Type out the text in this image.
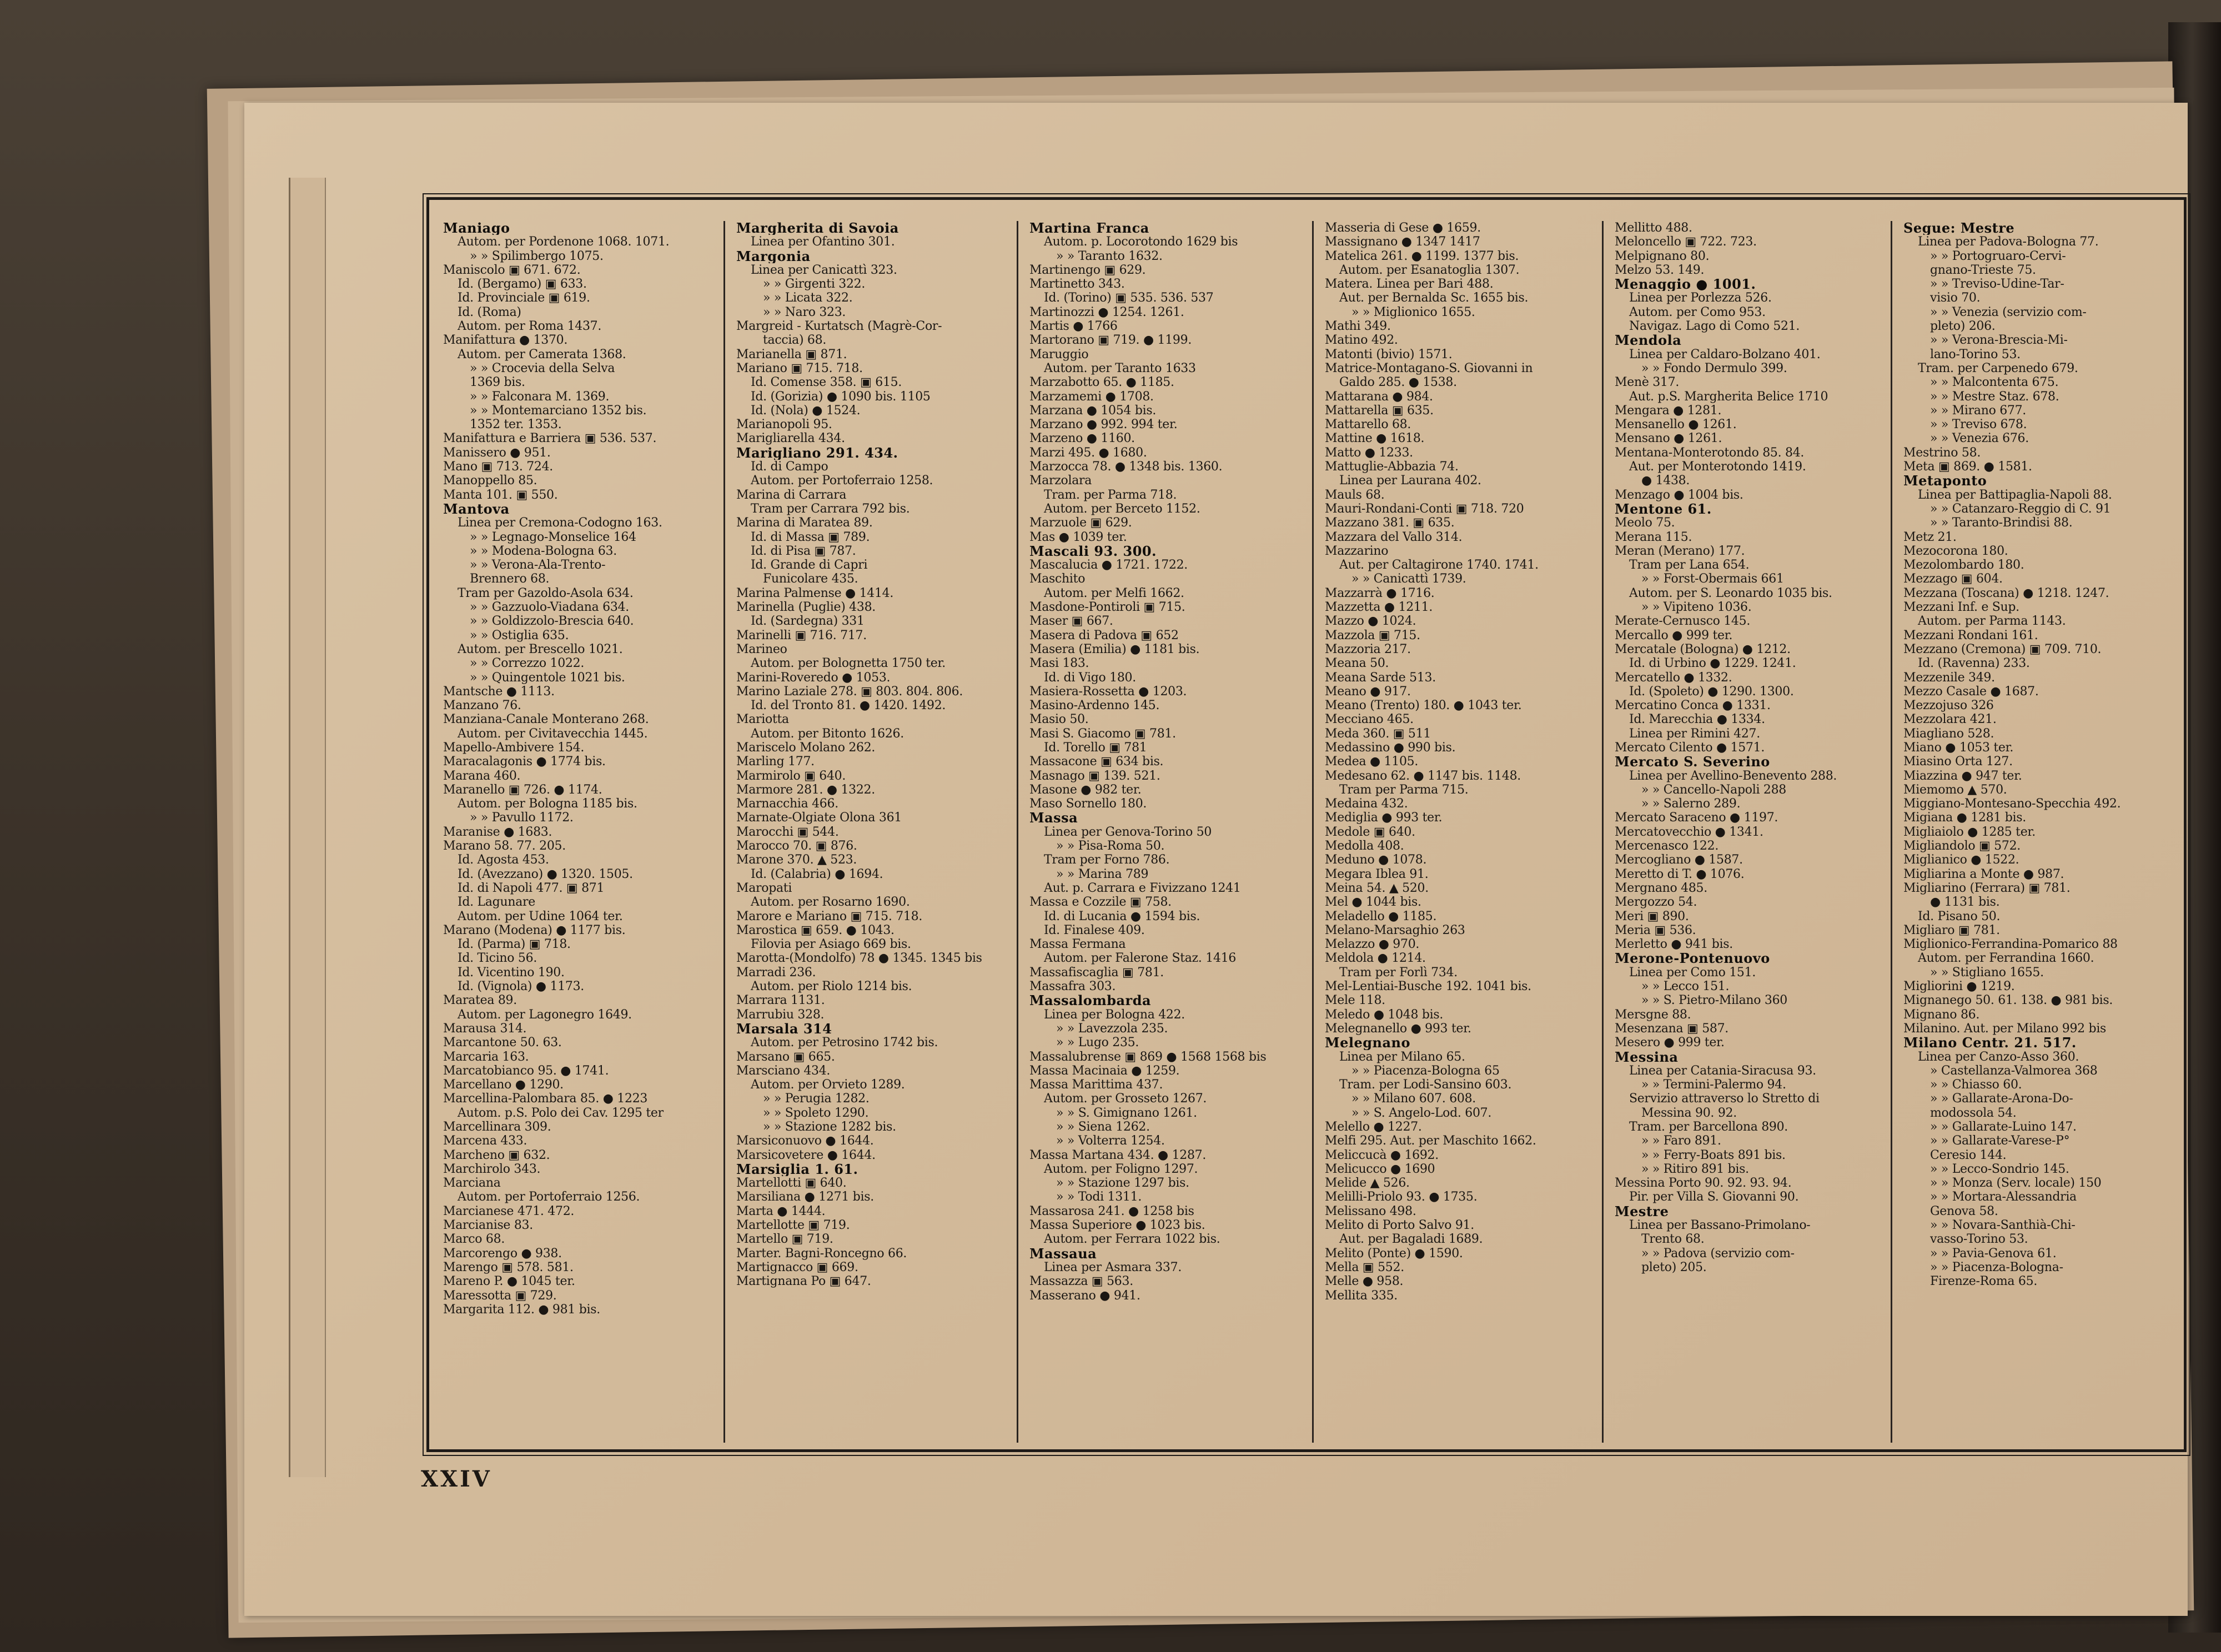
Maniago
Autom. per Pordenone 1068. 1071.
» » Spilimbergo 1075.
Maniscolo ▣ 671. 672.
Id. (Bergamo) ▣ 633.
Id. Provinciale ▣ 619.
Id. (Roma)
Autom. per Roma 1437.
Manifattura ● 1370.
Autom. per Camerata 1368.
» » Crocevia della Selva
1369 bis.
» » Falconara M. 1369.
» » Montemarciano 1352 bis.
1352 ter. 1353.
Manifattura e Barriera ▣ 536. 537.
Manissero ● 951.
Mano ▣ 713. 724.
Manoppello 85.
Manta 101. ▣ 550.
Mantova
Linea per Cremona-Codogno 163.
» » Legnago-Monselice 164
» » Modena-Bologna 63.
» » Verona-Ala-Trento-
Brennero 68.
Tram per Gazoldo-Asola 634.
» » Gazzuolo-Viadana 634.
» » Goldizzolo-Brescia 640.
» » Ostiglia 635.
Autom. per Brescello 1021.
» » Correzzo 1022.
» » Quingentole 1021 bis.
Mantsche ● 1113.
Manzano 76.
Manziana-Canale Monterano 268.
Autom. per Civitavecchia 1445.
Mapello-Ambivere 154.
Maracalagonis ● 1774 bis.
Marana 460.
Maranello ▣ 726. ● 1174.
Autom. per Bologna 1185 bis.
» » Pavullo 1172.
Maranise ● 1683.
Marano 58. 77. 205.
Id. Agosta 453.
Id. (Avezzano) ● 1320. 1505.
Id. di Napoli 477. ▣ 871
Id. Lagunare
Autom. per Udine 1064 ter.
Marano (Modena) ● 1177 bis.
Id. (Parma) ▣ 718.
Id. Ticino 56.
Id. Vicentino 190.
Id. (Vignola) ● 1173.
Maratea 89.
Autom. per Lagonegro 1649.
Marausa 314.
Marcantone 50. 63.
Marcaria 163.
Marcatobianco 95. ● 1741.
Marcellano ● 1290.
Marcellina-Palombara 85. ● 1223
Autom. p.S. Polo dei Cav. 1295 ter
Marcellinara 309.
Marcena 433.
Marcheno ▣ 632.
Marchirolo 343.
Marciana
Autom. per Portoferraio 1256.
Marcianese 471. 472.
Marcianise 83.
Marco 68.
Marcorengo ● 938.
Marengo ▣ 578. 581.
Mareno P. ● 1045 ter.
Maressotta ▣ 729.
Margarita 112. ● 981 bis.
Margherita di Savoia
Linea per Ofantino 301.
Margonia
Linea per Canicattì 323.
» » Girgenti 322.
» » Licata 322.
» » Naro 323.
Margreid - Kurtatsch (Magrè-Cor-
taccia) 68.
Marianella ▣ 871.
Mariano ▣ 715. 718.
Id. Comense 358. ▣ 615.
Id. (Gorizia) ● 1090 bis. 1105
Id. (Nola) ● 1524.
Marianopoli 95.
Marigliarella 434.
Marigliano 291. 434.
Id. di Campo
Autom. per Portoferraio 1258.
Marina di Carrara
Tram per Carrara 792 bis.
Marina di Maratea 89.
Id. di Massa ▣ 789.
Id. di Pisa ▣ 787.
Id. Grande di Capri
Funicolare 435.
Marina Palmense ● 1414.
Marinella (Puglie) 438.
Id. (Sardegna) 331
Marinelli ▣ 716. 717.
Marineo
Autom. per Bolognetta 1750 ter.
Marini-Roveredo ● 1053.
Marino Laziale 278. ▣ 803. 804. 806.
Id. del Tronto 81. ● 1420. 1492.
Mariotta
Autom. per Bitonto 1626.
Mariscelo Molano 262.
Marling 177.
Marmirolo ▣ 640.
Marmore 281. ● 1322.
Marnacchia 466.
Marnate-Olgiate Olona 361
Marocchi ▣ 544.
Marocco 70. ▣ 876.
Marone 370. ▲ 523.
Id. (Calabria) ● 1694.
Maropati
Autom. per Rosarno 1690.
Marore e Mariano ▣ 715. 718.
Marostica ▣ 659. ● 1043.
Filovia per Asiago 669 bis.
Marotta-(Mondolfo) 78 ● 1345. 1345 bis
Marradi 236.
Autom. per Riolo 1214 bis.
Marrara 1131.
Marrubiu 328.
Marsala 314
Autom. per Petrosino 1742 bis.
Marsano ▣ 665.
Marsciano 434.
Autom. per Orvieto 1289.
» » Perugia 1282.
» » Spoleto 1290.
» » Stazione 1282 bis.
Marsiconuovo ● 1644.
Marsicovetere ● 1644.
Marsiglia 1. 61.
Martellotti ▣ 640.
Marsiliana ● 1271 bis.
Marta ● 1444.
Martellotte ▣ 719.
Martello ▣ 719.
Marter. Bagni-Roncegno 66.
Martignacco ▣ 669.
Martignana Po ▣ 647.
Martina Franca
Autom. p. Locorotondo 1629 bis
» » Taranto 1632.
Martinengo ▣ 629.
Martinetto 343.
Id. (Torino) ▣ 535. 536. 537
Martinozzi ● 1254. 1261.
Martis ● 1766
Martorano ▣ 719. ● 1199.
Maruggio
Autom. per Taranto 1633
Marzabotto 65. ● 1185.
Marzamemi ● 1708.
Marzana ● 1054 bis.
Marzano ● 992. 994 ter.
Marzeno ● 1160.
Marzi 495. ● 1680.
Marzocca 78. ● 1348 bis. 1360.
Marzolara
Tram. per Parma 718.
Autom. per Berceto 1152.
Marzuole ▣ 629.
Mas ● 1039 ter.
Mascali 93. 300.
Mascalucia ● 1721. 1722.
Maschito
Autom. per Melfi 1662.
Masdone-Pontiroli ▣ 715.
Maser ▣ 667.
Masera di Padova ▣ 652
Masera (Emilia) ● 1181 bis.
Masi 183.
Id. di Vigo 180.
Masiera-Rossetta ● 1203.
Masino-Ardenno 145.
Masio 50.
Masi S. Giacomo ▣ 781.
Id. Torello ▣ 781
Massacone ▣ 634 bis.
Masnago ▣ 139. 521.
Masone ● 982 ter.
Maso Sornello 180.
Massa
Linea per Genova-Torino 50
» » Pisa-Roma 50.
Tram per Forno 786.
» » Marina 789
Aut. p. Carrara e Fivizzano 1241
Massa e Cozzile ▣ 758.
Id. di Lucania ● 1594 bis.
Id. Finalese 409.
Massa Fermana
Autom. per Falerone Staz. 1416
Massafiscaglia ▣ 781.
Massafra 303.
Massalombarda
Linea per Bologna 422.
» » Lavezzola 235.
» » Lugo 235.
Massalubrense ▣ 869 ● 1568 1568 bis
Massa Macinaia ● 1259.
Massa Marittima 437.
Autom. per Grosseto 1267.
» » S. Gimignano 1261.
» » Siena 1262.
» » Volterra 1254.
Massa Martana 434. ● 1287.
Autom. per Foligno 1297.
» » Stazione 1297 bis.
» » Todi 1311.
Massarosa 241. ● 1258 bis
Massa Superiore ● 1023 bis.
Autom. per Ferrara 1022 bis.
Massaua
Linea per Asmara 337.
Massazza ▣ 563.
Masserano ● 941.
Masseria di Gese ● 1659.
Massignano ● 1347 1417
Matelica 261. ● 1199. 1377 bis.
Autom. per Esanatoglia 1307.
Matera. Linea per Bari 488.
Aut. per Bernalda Sc. 1655 bis.
» » Miglionico 1655.
Mathi 349.
Matino 492.
Matonti (bivio) 1571.
Matrice-Montagano-S. Giovanni in
Galdo 285. ● 1538.
Mattarana ● 984.
Mattarella ▣ 635.
Mattarello 68.
Mattine ● 1618.
Matto ● 1233.
Mattuglie-Abbazia 74.
Linea per Laurana 402.
Mauls 68.
Mauri-Rondani-Conti ▣ 718. 720
Mazzano 381. ▣ 635.
Mazzara del Vallo 314.
Mazzarino
Aut. per Caltagirone 1740. 1741.
» » Canicattì 1739.
Mazzarrà ● 1716.
Mazzetta ● 1211.
Mazzo ● 1024.
Mazzola ▣ 715.
Mazzoria 217.
Meana 50.
Meana Sarde 513.
Meano ● 917.
Meano (Trento) 180. ● 1043 ter.
Mecciano 465.
Meda 360. ▣ 511
Medassino ● 990 bis.
Medea ● 1105.
Medesano 62. ● 1147 bis. 1148.
Tram per Parma 715.
Medaina 432.
Mediglia ● 993 ter.
Medole ▣ 640.
Medolla 408.
Meduno ● 1078.
Megara Iblea 91.
Meina 54. ▲ 520.
Mel ● 1044 bis.
Meladello ● 1185.
Melano-Marsaghio 263
Melazzo ● 970.
Meldola ● 1214.
Tram per Forlì 734.
Mel-Lentiai-Busche 192. 1041 bis.
Mele 118.
Meledo ● 1048 bis.
Melegnanello ● 993 ter.
Melegnano
Linea per Milano 65.
» » Piacenza-Bologna 65
Tram. per Lodi-Sansino 603.
» » Milano 607. 608.
» » S. Angelo-Lod. 607.
Melello ● 1227.
Melfi 295. Aut. per Maschito 1662.
Meliccucà ● 1692.
Melicucco ● 1690
Melide ▲ 526.
Melilli-Priolo 93. ● 1735.
Melissano 498.
Melito di Porto Salvo 91.
Aut. per Bagaladi 1689.
Melito (Ponte) ● 1590.
Mella ▣ 552.
Melle ● 958.
Mellita 335.
Mellitto 488.
Meloncello ▣ 722. 723.
Melpignano 80.
Melzo 53. 149.
Menaggio ● 1001.
Linea per Porlezza 526.
Autom. per Como 953.
Navigaz. Lago di Como 521.
Mendola
Linea per Caldaro-Bolzano 401.
» » Fondo Dermulo 399.
Menè 317.
Aut. p.S. Margherita Belice 1710
Mengara ● 1281.
Mensanello ● 1261.
Mensano ● 1261.
Mentana-Monterotondo 85. 84.
Aut. per Monterotondo 1419.
● 1438.
Menzago ● 1004 bis.
Mentone 61.
Meolo 75.
Merana 115.
Meran (Merano) 177.
Tram per Lana 654.
» » Forst-Obermais 661
Autom. per S. Leonardo 1035 bis.
» » Vipiteno 1036.
Merate-Cernusco 145.
Mercallo ● 999 ter.
Mercatale (Bologna) ● 1212.
Id. di Urbino ● 1229. 1241.
Mercatello ● 1332.
Id. (Spoleto) ● 1290. 1300.
Mercatino Conca ● 1331.
Id. Marecchia ● 1334.
Linea per Rimini 427.
Mercato Cilento ● 1571.
Mercato S. Severino
Linea per Avellino-Benevento 288.
» » Cancello-Napoli 288
» » Salerno 289.
Mercato Saraceno ● 1197.
Mercatovecchio ● 1341.
Mercenasco 122.
Mercogliano ● 1587.
Meretto di T. ● 1076.
Mergnano 485.
Mergozzo 54.
Meri ▣ 890.
Meria ▣ 536.
Merletto ● 941 bis.
Merone-Pontenuovo
Linea per Como 151.
» » Lecco 151.
» » S. Pietro-Milano 360
Mersgne 88.
Mesenzana ▣ 587.
Mesero ● 999 ter.
Messina
Linea per Catania-Siracusa 93.
» » Termini-Palermo 94.
Servizio attraverso lo Stretto di
Messina 90. 92.
Tram. per Barcellona 890.
» » Faro 891.
» » Ferry-Boats 891 bis.
» » Ritiro 891 bis.
Messina Porto 90. 92. 93. 94.
Pir. per Villa S. Giovanni 90.
Mestre
Linea per Bassano-Primolano-
Trento 68.
» » Padova (servizio com-
pleto) 205.
Segue: Mestre
Linea per Padova-Bologna 77.
» » Portogruaro-Cervi-
gnano-Trieste 75.
» » Treviso-Udine-Tar-
visio 70.
» » Venezia (servizio com-
pleto) 206.
» » Verona-Brescia-Mi-
lano-Torino 53.
Tram. per Carpenedo 679.
» » Malcontenta 675.
» » Mestre Staz. 678.
» » Mirano 677.
» » Treviso 678.
» » Venezia 676.
Mestrino 58.
Meta ▣ 869. ● 1581.
Metaponto
Linea per Battipaglia-Napoli 88.
» » Catanzaro-Reggio di C. 91
» » Taranto-Brindisi 88.
Metz 21.
Mezocorona 180.
Mezolombardo 180.
Mezzago ▣ 604.
Mezzana (Toscana) ● 1218. 1247.
Mezzani Inf. e Sup.
Autom. per Parma 1143.
Mezzani Rondani 161.
Mezzano (Cremona) ▣ 709. 710.
Id. (Ravenna) 233.
Mezzenile 349.
Mezzo Casale ● 1687.
Mezzojuso 326
Mezzolara 421.
Miagliano 528.
Miano ● 1053 ter.
Miasino Orta 127.
Miazzina ● 947 ter.
Miemomo ▲ 570.
Miggiano-Montesano-Specchia 492.
Migiana ● 1281 bis.
Migliaiolo ● 1285 ter.
Migliandolo ▣ 572.
Miglianico ● 1522.
Migliarina a Monte ● 987.
Migliarino (Ferrara) ▣ 781.
● 1131 bis.
Id. Pisano 50.
Migliaro ▣ 781.
Miglionico-Ferrandina-Pomarico 88
Autom. per Ferrandina 1660.
» » Stigliano 1655.
Migliorini ● 1219.
Mignanego 50. 61. 138. ● 981 bis.
Mignano 86.
Milanino. Aut. per Milano 992 bis
Milano Centr. 21. 517.
Linea per Canzo-Asso 360.
» Castellanza-Valmorea 368
» » Chiasso 60.
» » Gallarate-Arona-Do-
modossola 54.
» » Gallarate-Luino 147.
» » Gallarate-Varese-P°
Ceresio 144.
» » Lecco-Sondrio 145.
» » Monza (Serv. locale) 150
» » Mortara-Alessandria
Genova 58.
» » Novara-Santhià-Chi-
vasso-Torino 53.
» » Pavia-Genova 61.
» » Piacenza-Bologna-
Firenze-Roma 65.
XXIV
